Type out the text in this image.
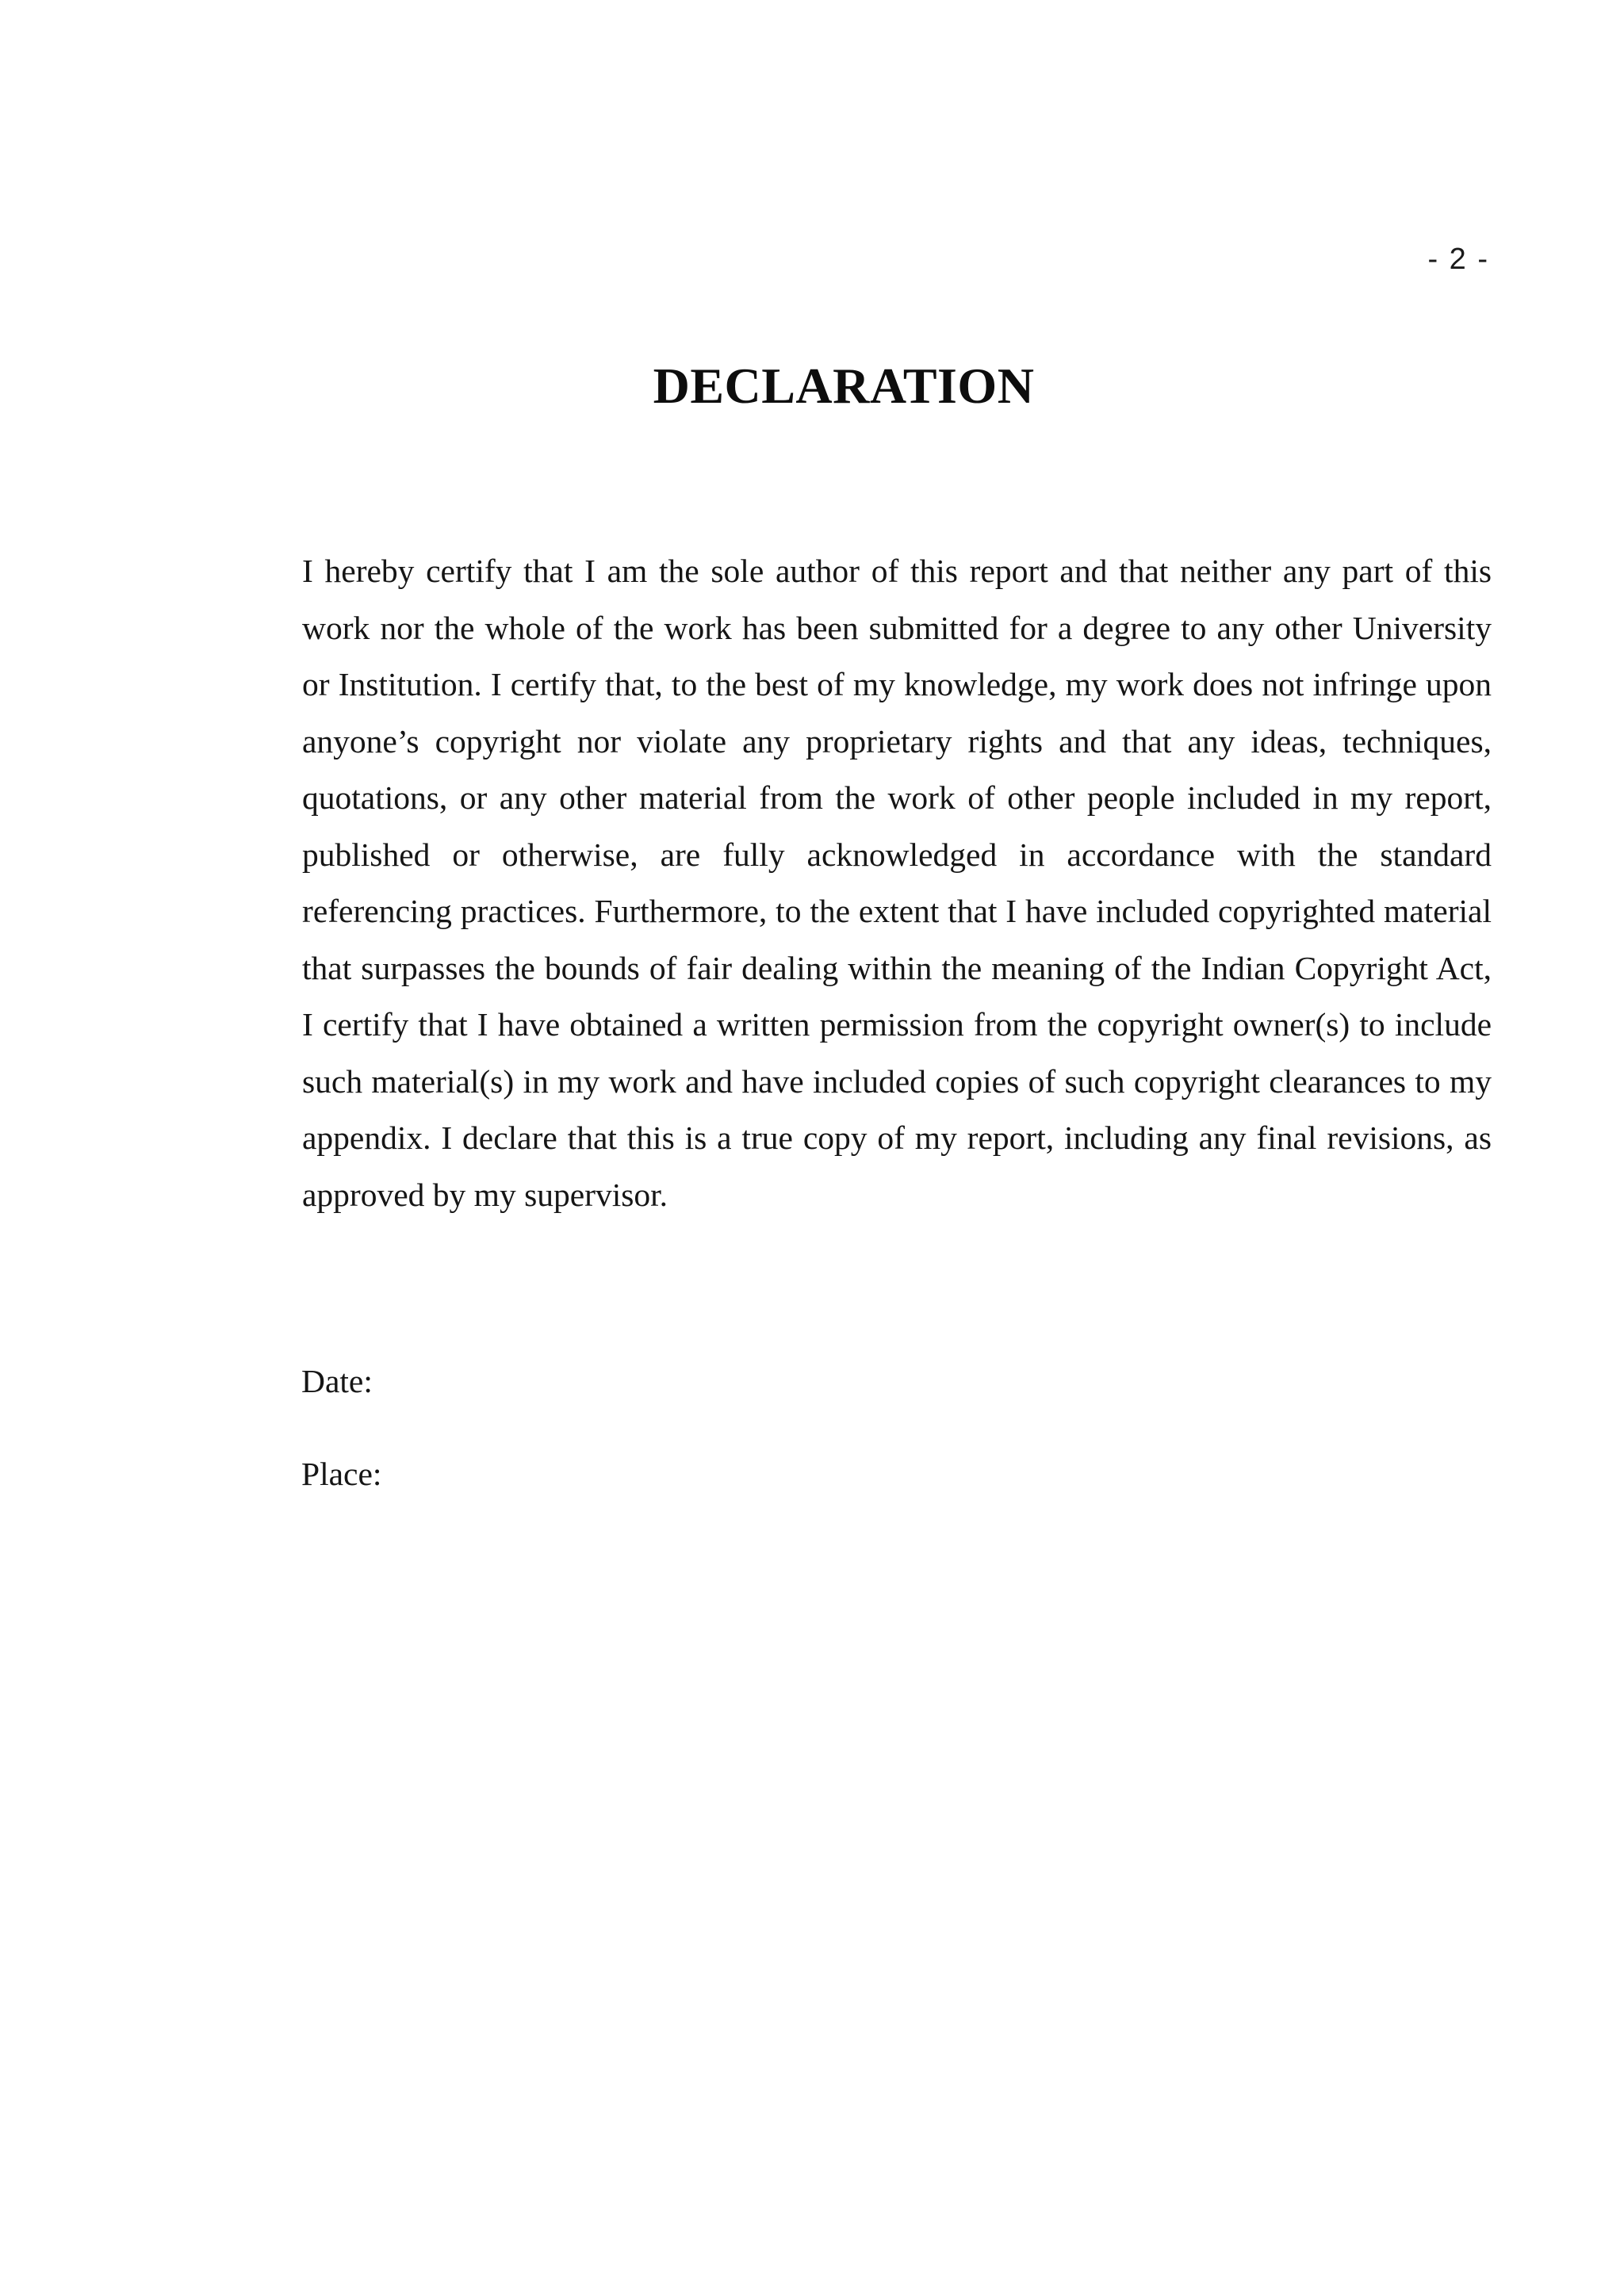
- 2 -
DECLARATION

I hereby certify that I am the sole author of this report and that neither any part of this work nor the whole of the work has been submitted for a degree to any other University or Institution. I certify that, to the best of my knowledge, my work does not infringe upon anyone’s copyright nor violate any proprietary rights and that any ideas, techniques, quotations, or any other material from the work of other people included in my report, published or otherwise, are fully acknowledged in accordance with the standard referencing practices. Furthermore, to the extent that I have included copyrighted material that surpasses the bounds of fair dealing within the meaning of the Indian Copyright Act, I certify that I have obtained a written permission from the copyright owner(s) to include such material(s) in my work and have included copies of such copyright clearances to my appendix. I declare that this is a true copy of my report, including any final revisions, as approved by my supervisor.

Date:
Place:
